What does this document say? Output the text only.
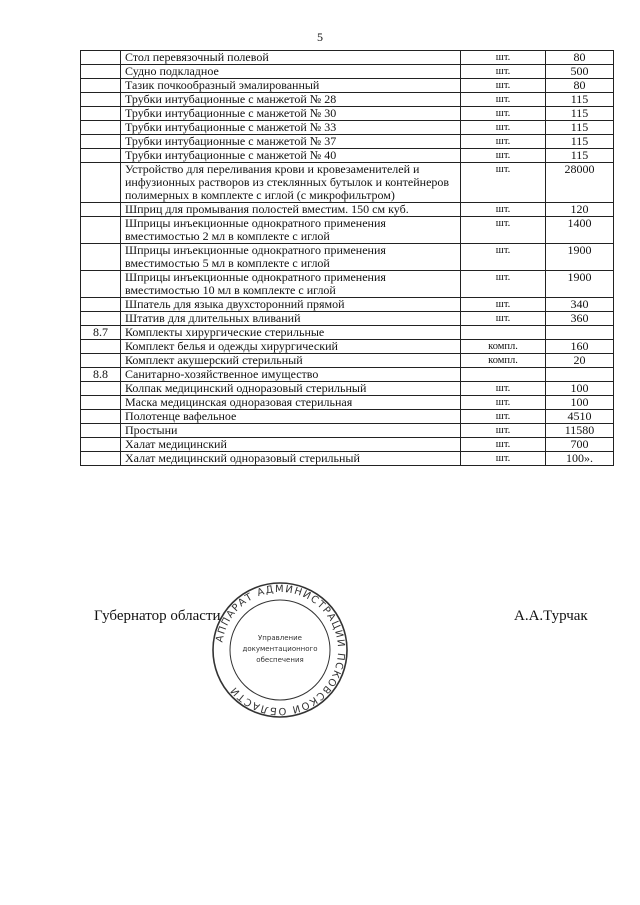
5
	Стол перевязочный полевой	шт.	80
	Судно подкладное	шт.	500
	Тазик почкообразный эмалированный	шт.	80
	Трубки интубационные с манжетой № 28	шт.	115
	Трубки интубационные с манжетой № 30	шт.	115
	Трубки интубационные с манжетой № 33	шт.	115
	Трубки интубационные с манжетой № 37	шт.	115
	Трубки интубационные с манжетой № 40	шт.	115
	Устройство для переливания крови и кровезаменителей и инфузионных растворов из стеклянных бутылок и контейнеров полимерных в комплекте с иглой (с микрофильтром)	шт.	28000
	Шприц для промывания полостей вместим. 150 см куб.	шт.	120
	Шприцы инъекционные однократного применения вместимостью 2 мл в комплекте с иглой	шт.	1400
	Шприцы инъекционные однократного применения вместимостью 5 мл в комплекте с иглой	шт.	1900
	Шприцы инъекционные однократного применения вместимостью 10 мл в комплекте с иглой	шт.	1900
	Шпатель для языка двухсторонний прямой	шт.	340
	Штатив для длительных вливаний	шт.	360
8.7	Комплекты хирургические стерильные		
	Комплект белья и одежды хирургический	компл.	160
	Комплект акушерский стерильный	компл.	20
8.8	Санитарно-хозяйственное имущество		
	Колпак медицинский одноразовый стерильный	шт.	100
	Маска медицинская одноразовая стерильная	шт.	100
	Полотенце вафельное	шт.	4510
	Простыни	шт.	11580
	Халат медицинский	шт.	700
	Халат медицинский одноразовый стерильный	шт.	100».
АППАРАТ АДМИНИСТРАЦИИ ПСКОВСКОЙ ОБЛАСТИ
Управление
документационного
обеспечения
Губернатор области	А.А.Турчак
